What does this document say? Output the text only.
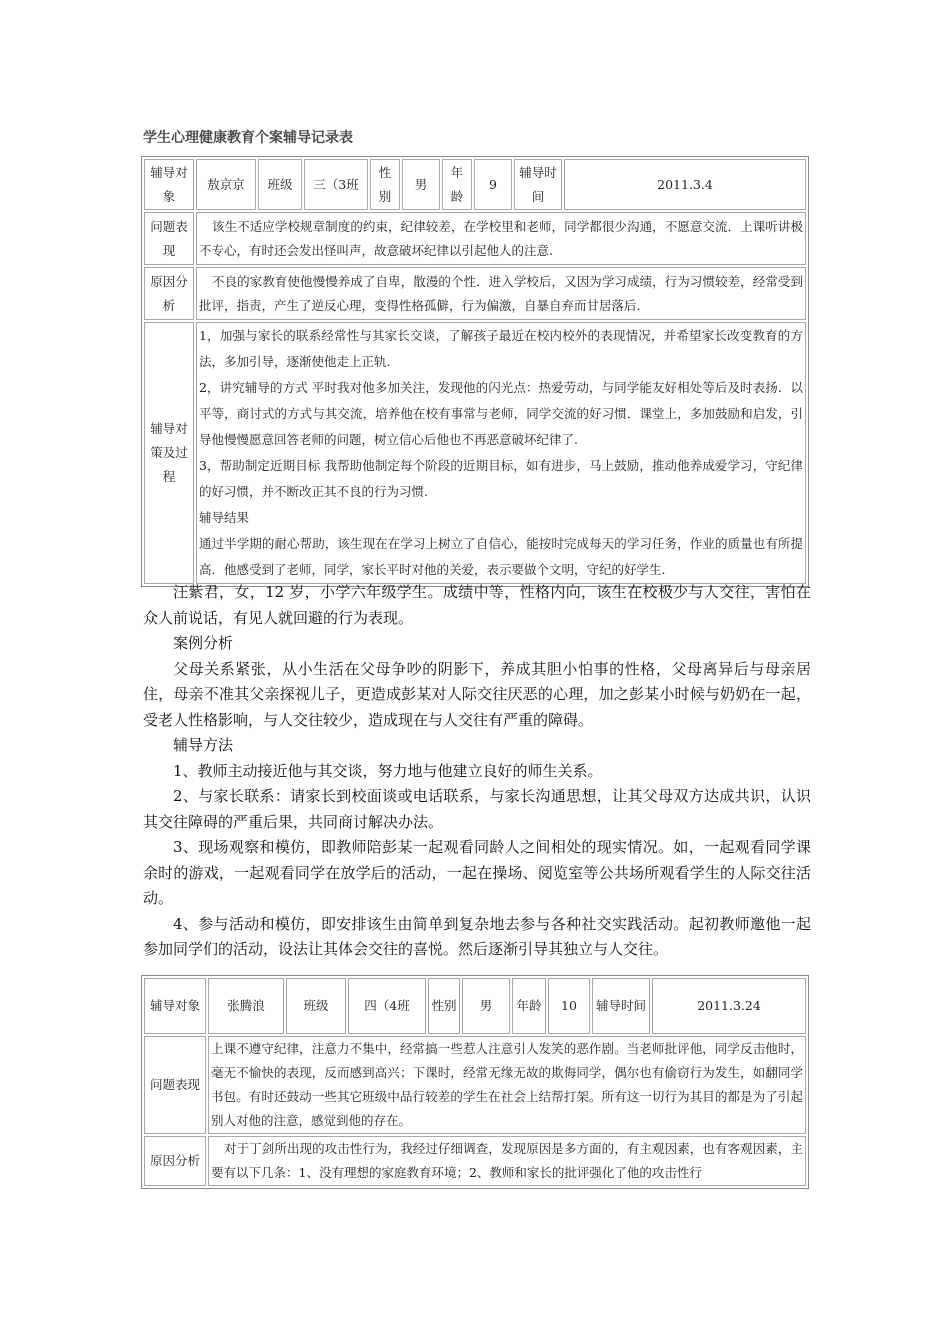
学生心理健康教育个案辅导记录表
辅导对象	敖京京	班级	三（3班	性别	男	年龄	9	辅导时间	2011.3.4
问题表现	该生不适应学校规章制度的约束，纪律较差，在学校里和老师，同学都很少沟通，不愿意交流．上课听讲极不专心，有时还会发出怪叫声，故意破坏纪律以引起他人的注意.								
原因分析	不良的家教育使他慢慢养成了自卑，散漫的个性．进入学校后，又因为学习成绩，行为习惯较差，经常受到批评，指责，产生了逆反心理，变得性格孤僻，行为偏激，自暴自弃而甘居落后.								
辅导对策及过程	1，加强与家长的联系经常性与其家长交谈，了解孩子最近在校内校外的表现情况，并希望家长改变教育的方法，多加引导，逐渐使他走上正轨.
2，讲究辅导的方式 平时我对他多加关注，发现他的闪光点：热爱劳动，与同学能友好相处等后及时表扬．以平等，商讨式的方式与其交流，培养他在校有事常与老师，同学交流的好习惯．课堂上，多加鼓励和启发，引导他慢慢愿意回答老师的问题，树立信心后他也不再恶意破坏纪律了.
3，帮助制定近期目标 我帮助他制定每个阶段的近期目标，如有进步，马上鼓励，推动他养成爱学习，守纪律的好习惯，并不断改正其不良的行为习惯.
辅导结果
通过半学期的耐心帮助，该生现在在学习上树立了自信心，能按时完成每天的学习任务，作业的质量也有所提高．他感受到了老师，同学，家长平时对他的关爱，表示要做个文明，守纪的好学生.								

汪紫君，女，12 岁，小学六年级学生。成绩中等，性格内向，该生在校极少与人交往，害怕在众人前说话，有见人就回避的行为表现。

案例分析

父母关系紧张，从小生活在父母争吵的阴影下，养成其胆小怕事的性格，父母离异后与母亲居住，母亲不准其父亲探视儿子，更造成彭某对人际交往厌恶的心理，加之彭某小时候与奶奶在一起，受老人性格影响，与人交往较少，造成现在与人交往有严重的障碍。

辅导方法

1、教师主动接近他与其交谈，努力地与他建立良好的师生关系。

2、与家长联系：请家长到校面谈或电话联系，与家长沟通思想，让其父母双方达成共识，认识其交往障碍的严重后果，共同商讨解决办法。

3、现场观察和模仿，即教师陪彭某一起观看同龄人之间相处的现实情况。如，一起观看同学课余时的游戏，一起观看同学在放学后的活动，一起在操场、阅览室等公共场所观看学生的人际交往活动。

4、参与活动和模仿，即安排该生由简单到复杂地去参与各种社交实践活动。起初教师邀他一起参加同学们的活动，设法让其体会交往的喜悦。然后逐渐引导其独立与人交往。

辅导对象	张腾浪	班级	四（4班	性别	男	年龄	10	辅导时间	2011.3.24
问题表现	上课不遵守纪律，注意力不集中，经常搞一些惹人注意引人发笑的恶作剧。当老师批评他，同学反击他时，毫无不愉快的表现，反而感到高兴；下课时，经常无缘无故的欺侮同学，偶尔也有偷窃行为发生，如翻同学书包。有时还鼓动一些其它班级中品行较差的学生在社会上结帮打架。所有这一切行为其目的都是为了引起别人对他的注意，感觉到他的存在。								
原因分析	对于丁剑所出现的攻击性行为，我经过仔细调查，发现原因是多方面的，有主观因素，也有客观因素，主要有以下几条：1、没有理想的家庭教育环境；2、教师和家长的批评强化了他的攻击性行								
